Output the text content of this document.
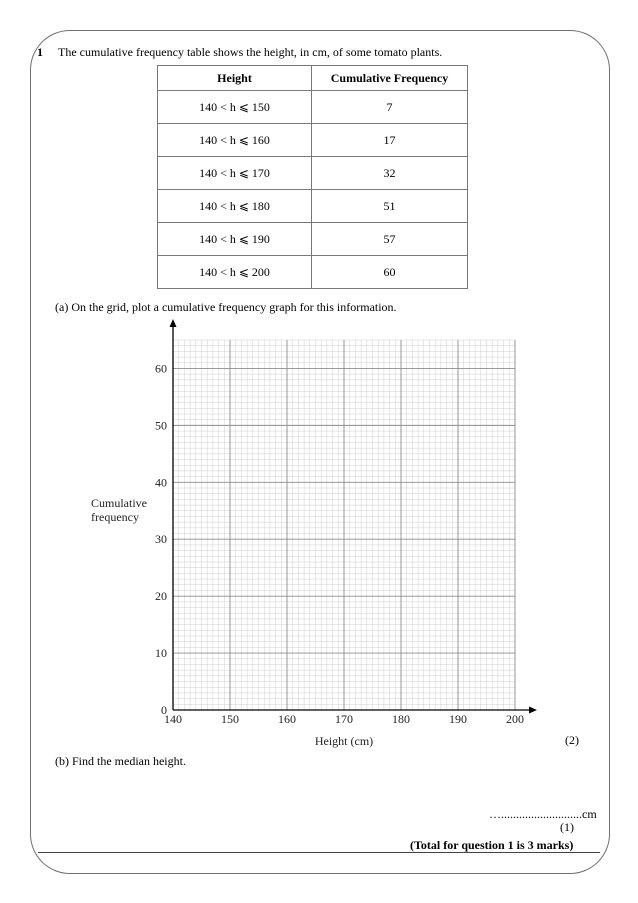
1 The cumulative frequency table shows the height, in cm, of some tomato plants.
Height	Cumulative Frequency
140 < h ⩽ 150	7
140 < h ⩽ 160	17
140 < h ⩽ 170	32
140 < h ⩽ 180	51
140 < h ⩽ 190	57
140 < h ⩽ 200	60
(a) On the grid, plot a cumulative frequency graph for this information.
140	150	160	170	180	190	200
0
10
20
30
40
50
60
Cumulative
frequency
Height (cm)	(2)
(b) Find the median height.
…...........................cm
(1)
(Total for question 1 is 3 marks)
